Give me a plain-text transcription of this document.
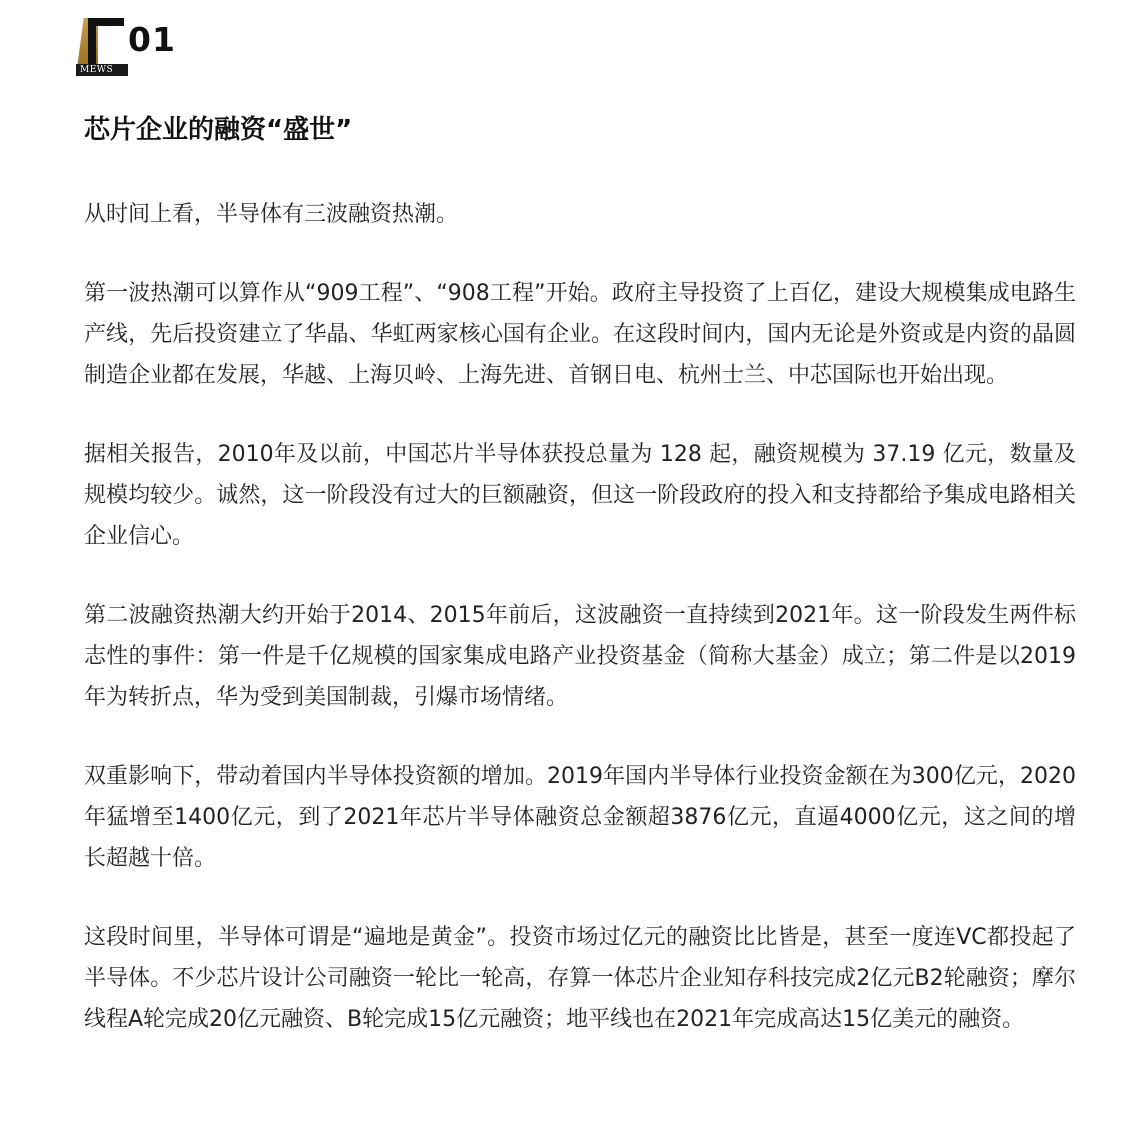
MEWS
01
芯片企业的融资“盛世”

从时间上看，半导体有三波融资热潮。

第一波热潮可以算作从“909工程”、“908工程”开始。政府主导投资了上百亿，建设大规模集成电路生产线，先后投资建立了华晶、华虹两家核心国有企业。在这段时间内，国内无论是外资或是内资的晶圆制造企业都在发展，华越、上海贝岭、上海先进、首钢日电、杭州士兰、中芯国际也开始出现。

据相关报告，2010年及以前，中国芯片半导体获投总量为 128 起，融资规模为 37.19 亿元，数量及规模均较少。诚然，这一阶段没有过大的巨额融资，但这一阶段政府的投入和支持都给予集成电路相关企业信心。

第二波融资热潮大约开始于2014、2015年前后，这波融资一直持续到2021年。这一阶段发生两件标志性的事件：第一件是千亿规模的国家集成电路产业投资基金（简称大基金）成立；第二件是以2019年为转折点，华为受到美国制裁，引爆市场情绪。

双重影响下，带动着国内半导体投资额的增加。2019年国内半导体行业投资金额在为300亿元，2020年猛增至1400亿元，到了2021年芯片半导体融资总金额超3876亿元，直逼4000亿元，这之间的增长超越十倍。

这段时间里，半导体可谓是“遍地是黄金”。投资市场过亿元的融资比比皆是，甚至一度连VC都投起了半导体。不少芯片设计公司融资一轮比一轮高，存算一体芯片企业知存科技完成2亿元B2轮融资；摩尔线程A轮完成20亿元融资、B轮完成15亿元融资；地平线也在2021年完成高达15亿美元的融资。
